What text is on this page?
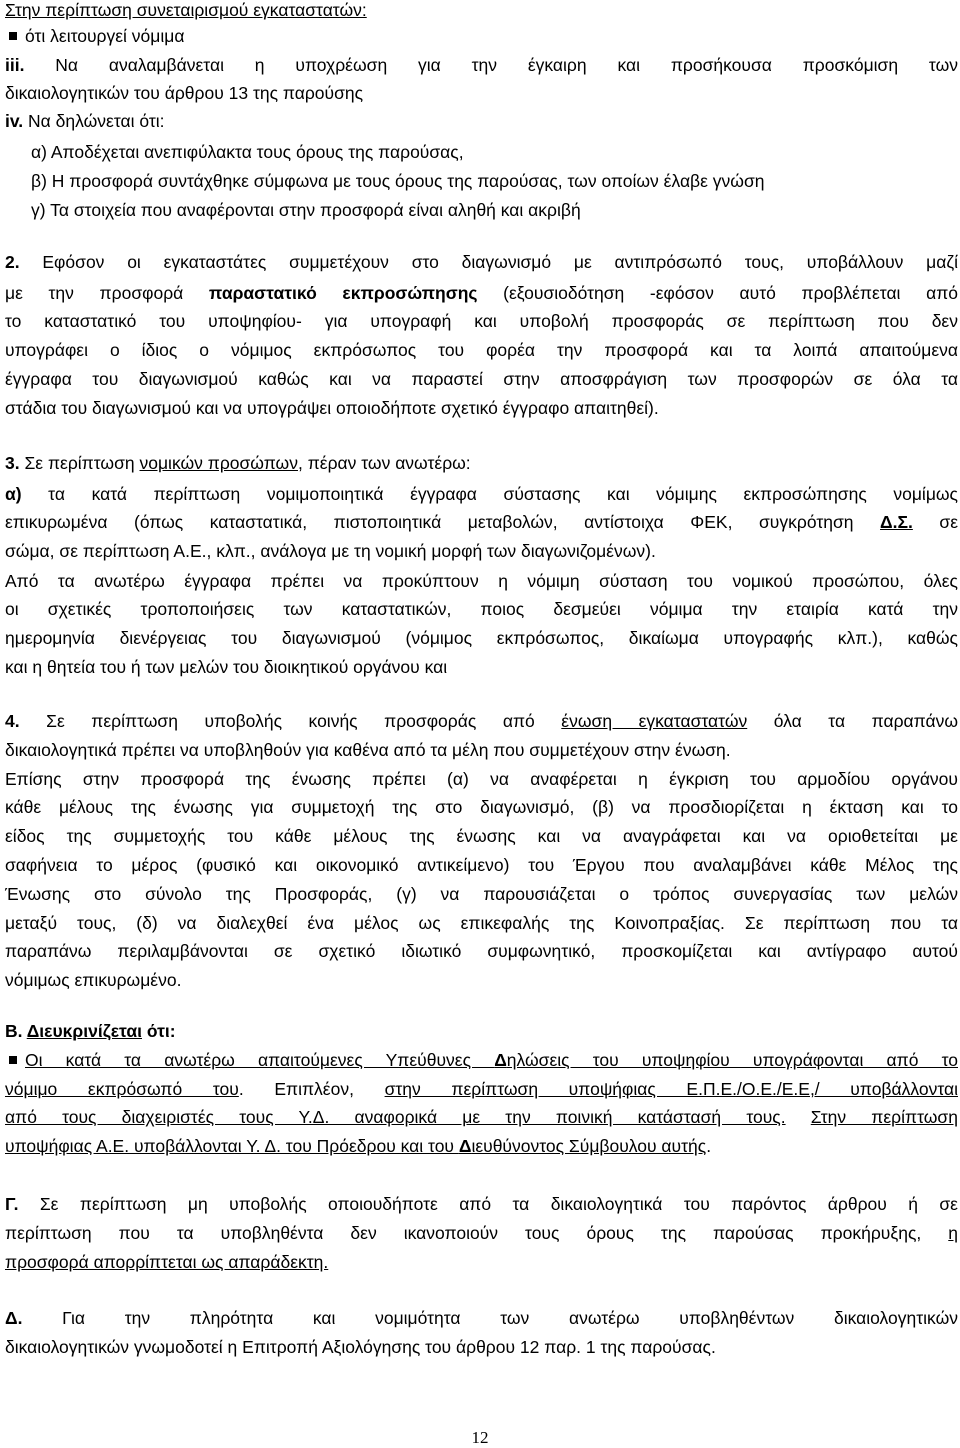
Στην περίπτωση συνεταιρισμού εγκαταστατών:
ότι λειτουργεί νόμιμα
iii. Να αναλαμβάνεται η υποχρέωση για την έγκαιρη και προσήκουσα προσκόμιση των
δικαιολογητικών του άρθρου 13 της παρούσης
iv. Να δηλώνεται ότι:
α) Αποδέχεται ανεπιφύλακτα τους όρους της παρούσας,
β) Η προσφορά συντάχθηκε σύμφωνα με τους όρους της παρούσας, των οποίων έλαβε γνώση
γ) Τα στοιχεία που αναφέρονται στην προσφορά είναι αληθή και ακριβή
2. Εφόσον οι εγκαταστάτες συμμετέχουν στο διαγωνισμό με αντιπρόσωπό τους, υποβάλλουν μαζί
με την προσφορά παραστατικό εκπροσώπησης (εξουσιοδότηση -εφόσον αυτό προβλέπεται από
το καταστατικό του υποψηφίου- για υπογραφή και υποβολή προσφοράς σε περίπτωση που δεν
υπογράφει ο ίδιος ο νόμιμος εκπρόσωπος του φορέα την προσφορά και τα λοιπά απαιτούμενα
έγγραφα του διαγωνισμού καθώς και να παραστεί στην αποσφράγιση των προσφορών σε όλα τα
στάδια του διαγωνισμού και να υπογράψει οποιοδήποτε σχετικό έγγραφο απαιτηθεί).
3. Σε περίπτωση νομικών προσώπων, πέραν των ανωτέρω:
α) τα κατά περίπτωση νομιμοποιητικά έγγραφα σύστασης και νόμιμης εκπροσώπησης νομίμως
επικυρωμένα (όπως καταστατικά, πιστοποιητικά μεταβολών, αντίστοιχα ΦΕΚ, συγκρότηση Δ.Σ. σε
σώμα, σε περίπτωση Α.Ε., κλπ., ανάλογα με τη νομική μορφή των διαγωνιζομένων).
Από τα ανωτέρω έγγραφα πρέπει να προκύπτουν η νόμιμη σύσταση του νομικού προσώπου, όλες
οι σχετικές τροποποιήσεις των καταστατικών, ποιος δεσμεύει νόμιμα την εταιρία κατά την
ημερομηνία διενέργειας του διαγωνισμού (νόμιμος εκπρόσωπος, δικαίωμα υπογραφής κλπ.), καθώς
και η θητεία του ή των μελών του διοικητικού οργάνου και
4. Σε περίπτωση υποβολής κοινής προσφοράς από ένωση εγκαταστατών όλα τα παραπάνω
δικαιολογητικά πρέπει να υποβληθούν για καθένα από τα μέλη που συμμετέχουν στην ένωση.
Επίσης στην προσφορά της ένωσης πρέπει (α) να αναφέρεται η έγκριση του αρμοδίου οργάνου
κάθε μέλους της ένωσης για συμμετοχή της στο διαγωνισμό, (β) να προσδιορίζεται η έκταση και το
είδος της συμμετοχής του κάθε μέλους της ένωσης και να αναγράφεται και να οριοθετείται με
σαφήνεια το μέρος (φυσικό και οικονομικό αντικείμενο) του Έργου που αναλαμβάνει κάθε Μέλος της
Ένωσης στο σύνολο της Προσφοράς, (γ) να παρουσιάζεται ο τρόπος συνεργασίας των μελών
μεταξύ τους, (δ) να διαλεχθεί ένα μέλος ως επικεφαλής της Κοινοπραξίας. Σε περίπτωση που τα
παραπάνω περιλαμβάνονται σε σχετικό ιδιωτικό συμφωνητικό, προσκομίζεται και αντίγραφο αυτού
νόμιμως επικυρωμένο.
Β. Διευκρινίζεται ότι:
Οι κατά τα ανωτέρω απαιτούμενες Υπεύθυνες Δηλώσεις του υποψηφίου υπογράφονται από το
νόμιμο εκπρόσωπό του. Επιπλέον, στην περίπτωση υποψήφιας Ε.Π.Ε./Ο.Ε./Ε.Ε,/ υποβάλλονται
από τους διαχειριστές τους Υ.Δ. αναφορικά με την ποινική κατάστασή τους. Στην περίπτωση
υποψήφιας Α.Ε. υποβάλλονται Υ. Δ. του Πρόεδρου και του Διευθύνοντος Σύμβουλου αυτής.
Γ. Σε περίπτωση μη υποβολής οποιουδήποτε από τα δικαιολογητικά του παρόντος άρθρου ή σε
περίπτωση που τα υποβληθέντα δεν ικανοποιούν τους όρους της παρούσας προκήρυξης, η
προσφορά απορρίπτεται ως απαράδεκτη.
Δ. Για την πληρότητα και νομιμότητα των ανωτέρω υποβληθέντων δικαιολογητικών
δικαιολογητικών γνωμοδοτεί η Επιτροπή Αξιολόγησης του άρθρου 12 παρ. 1 της παρούσας.
12
